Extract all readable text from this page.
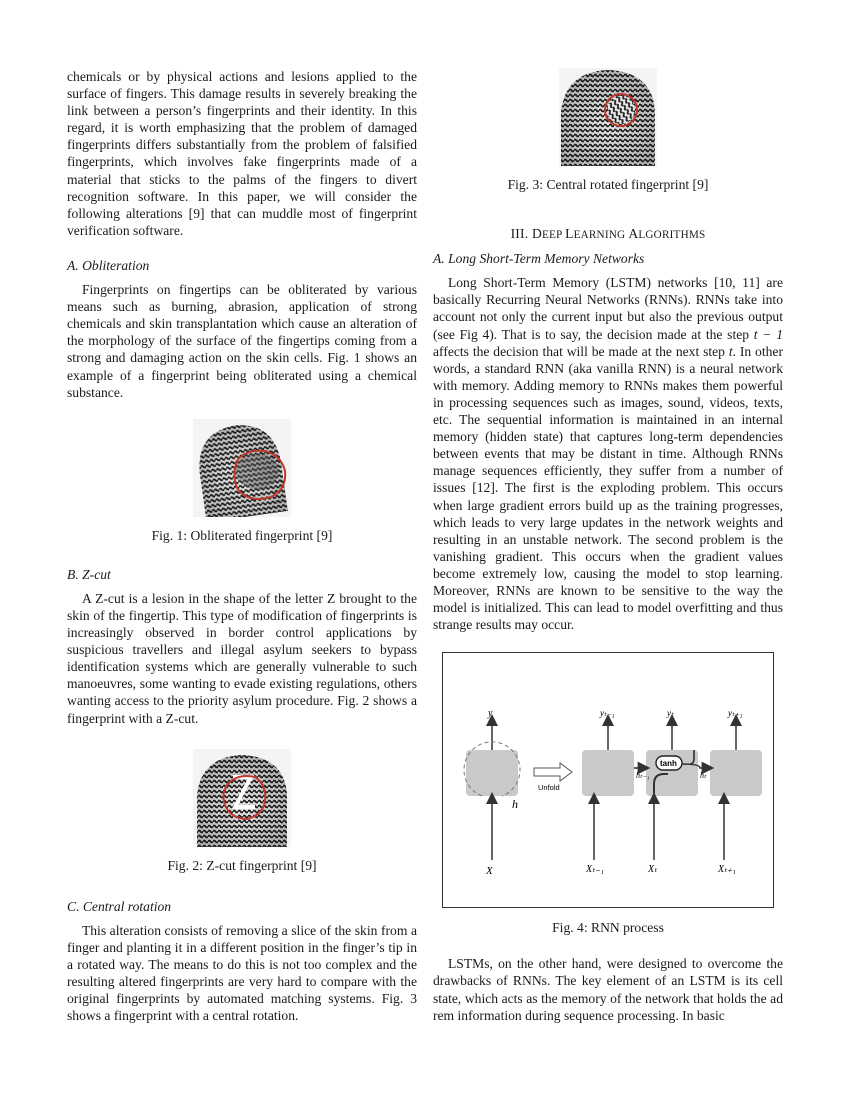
chemicals or by physical actions and lesions applied to the surface of fingers. This damage results in severely breaking the link between a person’s fingerprints and their identity. In this regard, it is worth emphasizing that the problem of damaged fingerprints differs substantially from the problem of falsified fingerprints, which involves fake fingerprints made of a material that sticks to the palms of the fingers to divert recognition software. In this paper, we will consider the following alterations [9] that can muddle most of fingerprint verification software.

A. Obliteration

Fingerprints on fingertips can be obliterated by various means such as burning, abrasion, application of strong chemicals and skin transplantation which cause an alteration of the morphology of the surface of the fingertips coming from a strong and damaging action on the skin cells. Fig. 1 shows an example of a fingerprint being obliterated using a chemical substance.

Fig. 1: Obliterated fingerprint [9]
B. Z-cut

A Z-cut is a lesion in the shape of the letter Z brought to the skin of the fingertip. This type of modification of fingerprints is increasingly observed in border control applications by suspicious travellers and illegal asylum seekers to bypass identification systems which are generally vulnerable to such manoeuvres, some wanting to evade existing regulations, others wanting access to the priority asylum procedure. Fig. 2 shows a fingerprint with a Z-cut.

Fig. 2: Z-cut fingerprint [9]
C. Central rotation

This alteration consists of removing a slice of the skin from a finger and planting it in a different position in the finger’s tip in a rotated way. The means to do this is not too complex and the resulting altered fingerprints are very hard to compare with the original fingerprints by automated matching systems. Fig. 3 shows a fingerprint with a central rotation.

Fig. 3: Central rotated fingerprint [9]
III. DEEP LEARNING ALGORITHMS
A. Long Short-Term Memory Networks

Long Short-Term Memory (LSTM) networks [10, 11] are basically Recurring Neural Networks (RNNs). RNNs take into account not only the current input but also the previous output (see Fig 4). That is to say, the decision made at the step t − 1 affects the decision that will be made at the next step t. In other words, a standard RNN (aka vanilla RNN) is a neural network with memory. Adding memory to RNNs makes them powerful in processing sequences such as images, sound, videos, texts, etc. The sequential information is maintained in an internal memory (hidden state) that captures long-term dependencies between events that may be distant in time. Although RNNs manage sequences efficiently, they suffer from a number of issues [12]. The first is the exploding problem. This occurs when large gradient errors build up as the training progresses, which leads to very large updates in the network weights and resulting in an unstable network. The second problem is the vanishing gradient. This occurs when the gradient values become extremely low, causing the model to stop learning. Moreover, RNNs are known to be sensitive to the way the model is initialized. This can lead to model overfitting and thus strange results may occur.

y
h
X
Unfold
yₜ₋₁	yₜ	yₜ₊₁
Xₜ₋₁	Xₜ	Xₜ₊₁
tanh
hₜ₋₁	hₜ
Fig. 4: RNN process

LSTMs, on the other hand, were designed to overcome the drawbacks of RNNs. The key element of an LSTM is its cell state, which acts as the memory of the network that holds the ad rem information during sequence processing. In basic
